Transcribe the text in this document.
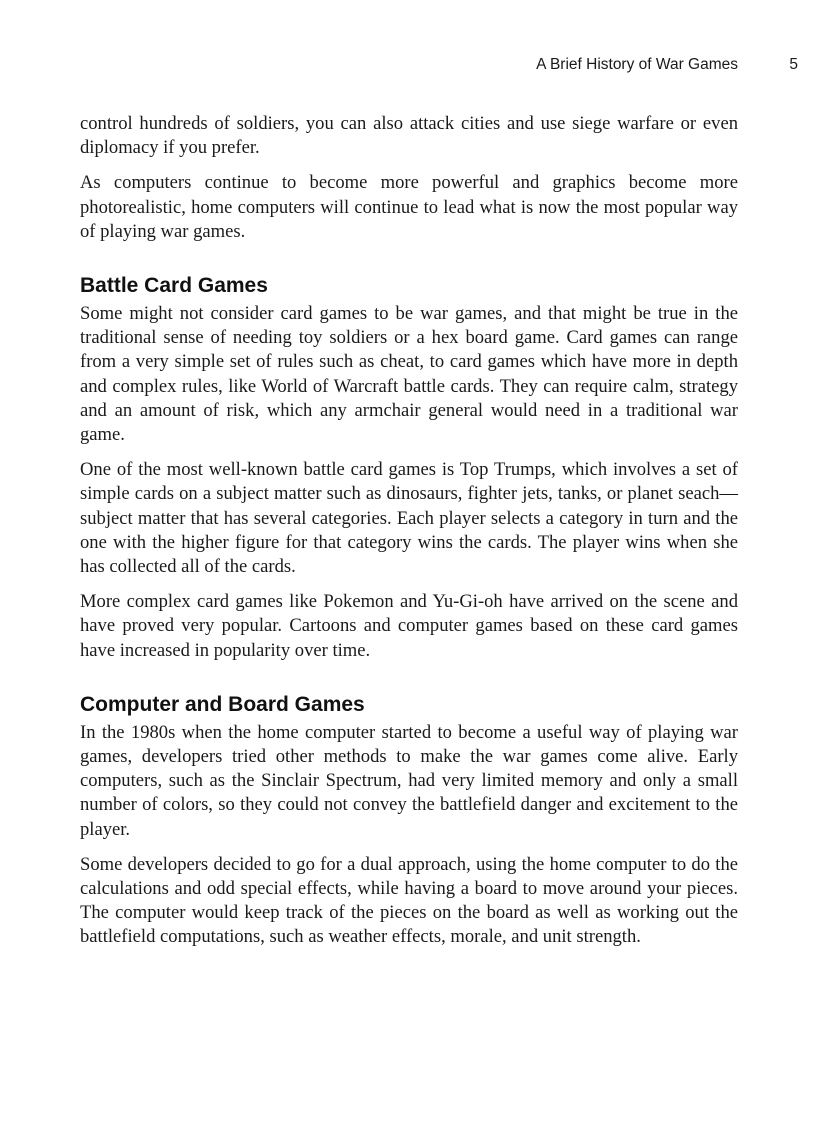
A Brief History of War Games	5

control hundreds of soldiers, you can also attack cities and use siege warfare or even diplomacy if you prefer.

As computers continue to become more powerful and graphics become more photorealistic, home computers will continue to lead what is now the most popular way of playing war games.

Battle Card Games

Some might not consider card games to be war games, and that might be true in the traditional sense of needing toy soldiers or a hex board game. Card games can range from a very simple set of rules such as cheat, to card games which have more in depth and complex rules, like World of Warcraft battle cards. They can require calm, strategy and an amount of risk, which any armchair general would need in a traditional war game.

One of the most well-known battle card games is Top Trumps, which involves a set of simple cards on a subject matter such as dinosaurs, fighter jets, tanks, or planet seach—subject matter that has several categories. Each player selects a category in turn and the one with the higher figure for that category wins the cards. The player wins when she has collected all of the cards.

More complex card games like Pokemon and Yu-Gi-oh have arrived on the scene and have proved very popular. Cartoons and computer games based on these card games have increased in popularity over time.

Computer and Board Games

In the 1980s when the home computer started to become a useful way of playing war games, developers tried other methods to make the war games come alive. Early computers, such as the Sinclair Spectrum, had very limited memory and only a small number of colors, so they could not convey the battlefield danger and excitement to the player.

Some developers decided to go for a dual approach, using the home computer to do the calculations and odd special effects, while having a board to move around your pieces. The computer would keep track of the pieces on the board as well as working out the battlefield computations, such as weather effects, morale, and unit strength.
